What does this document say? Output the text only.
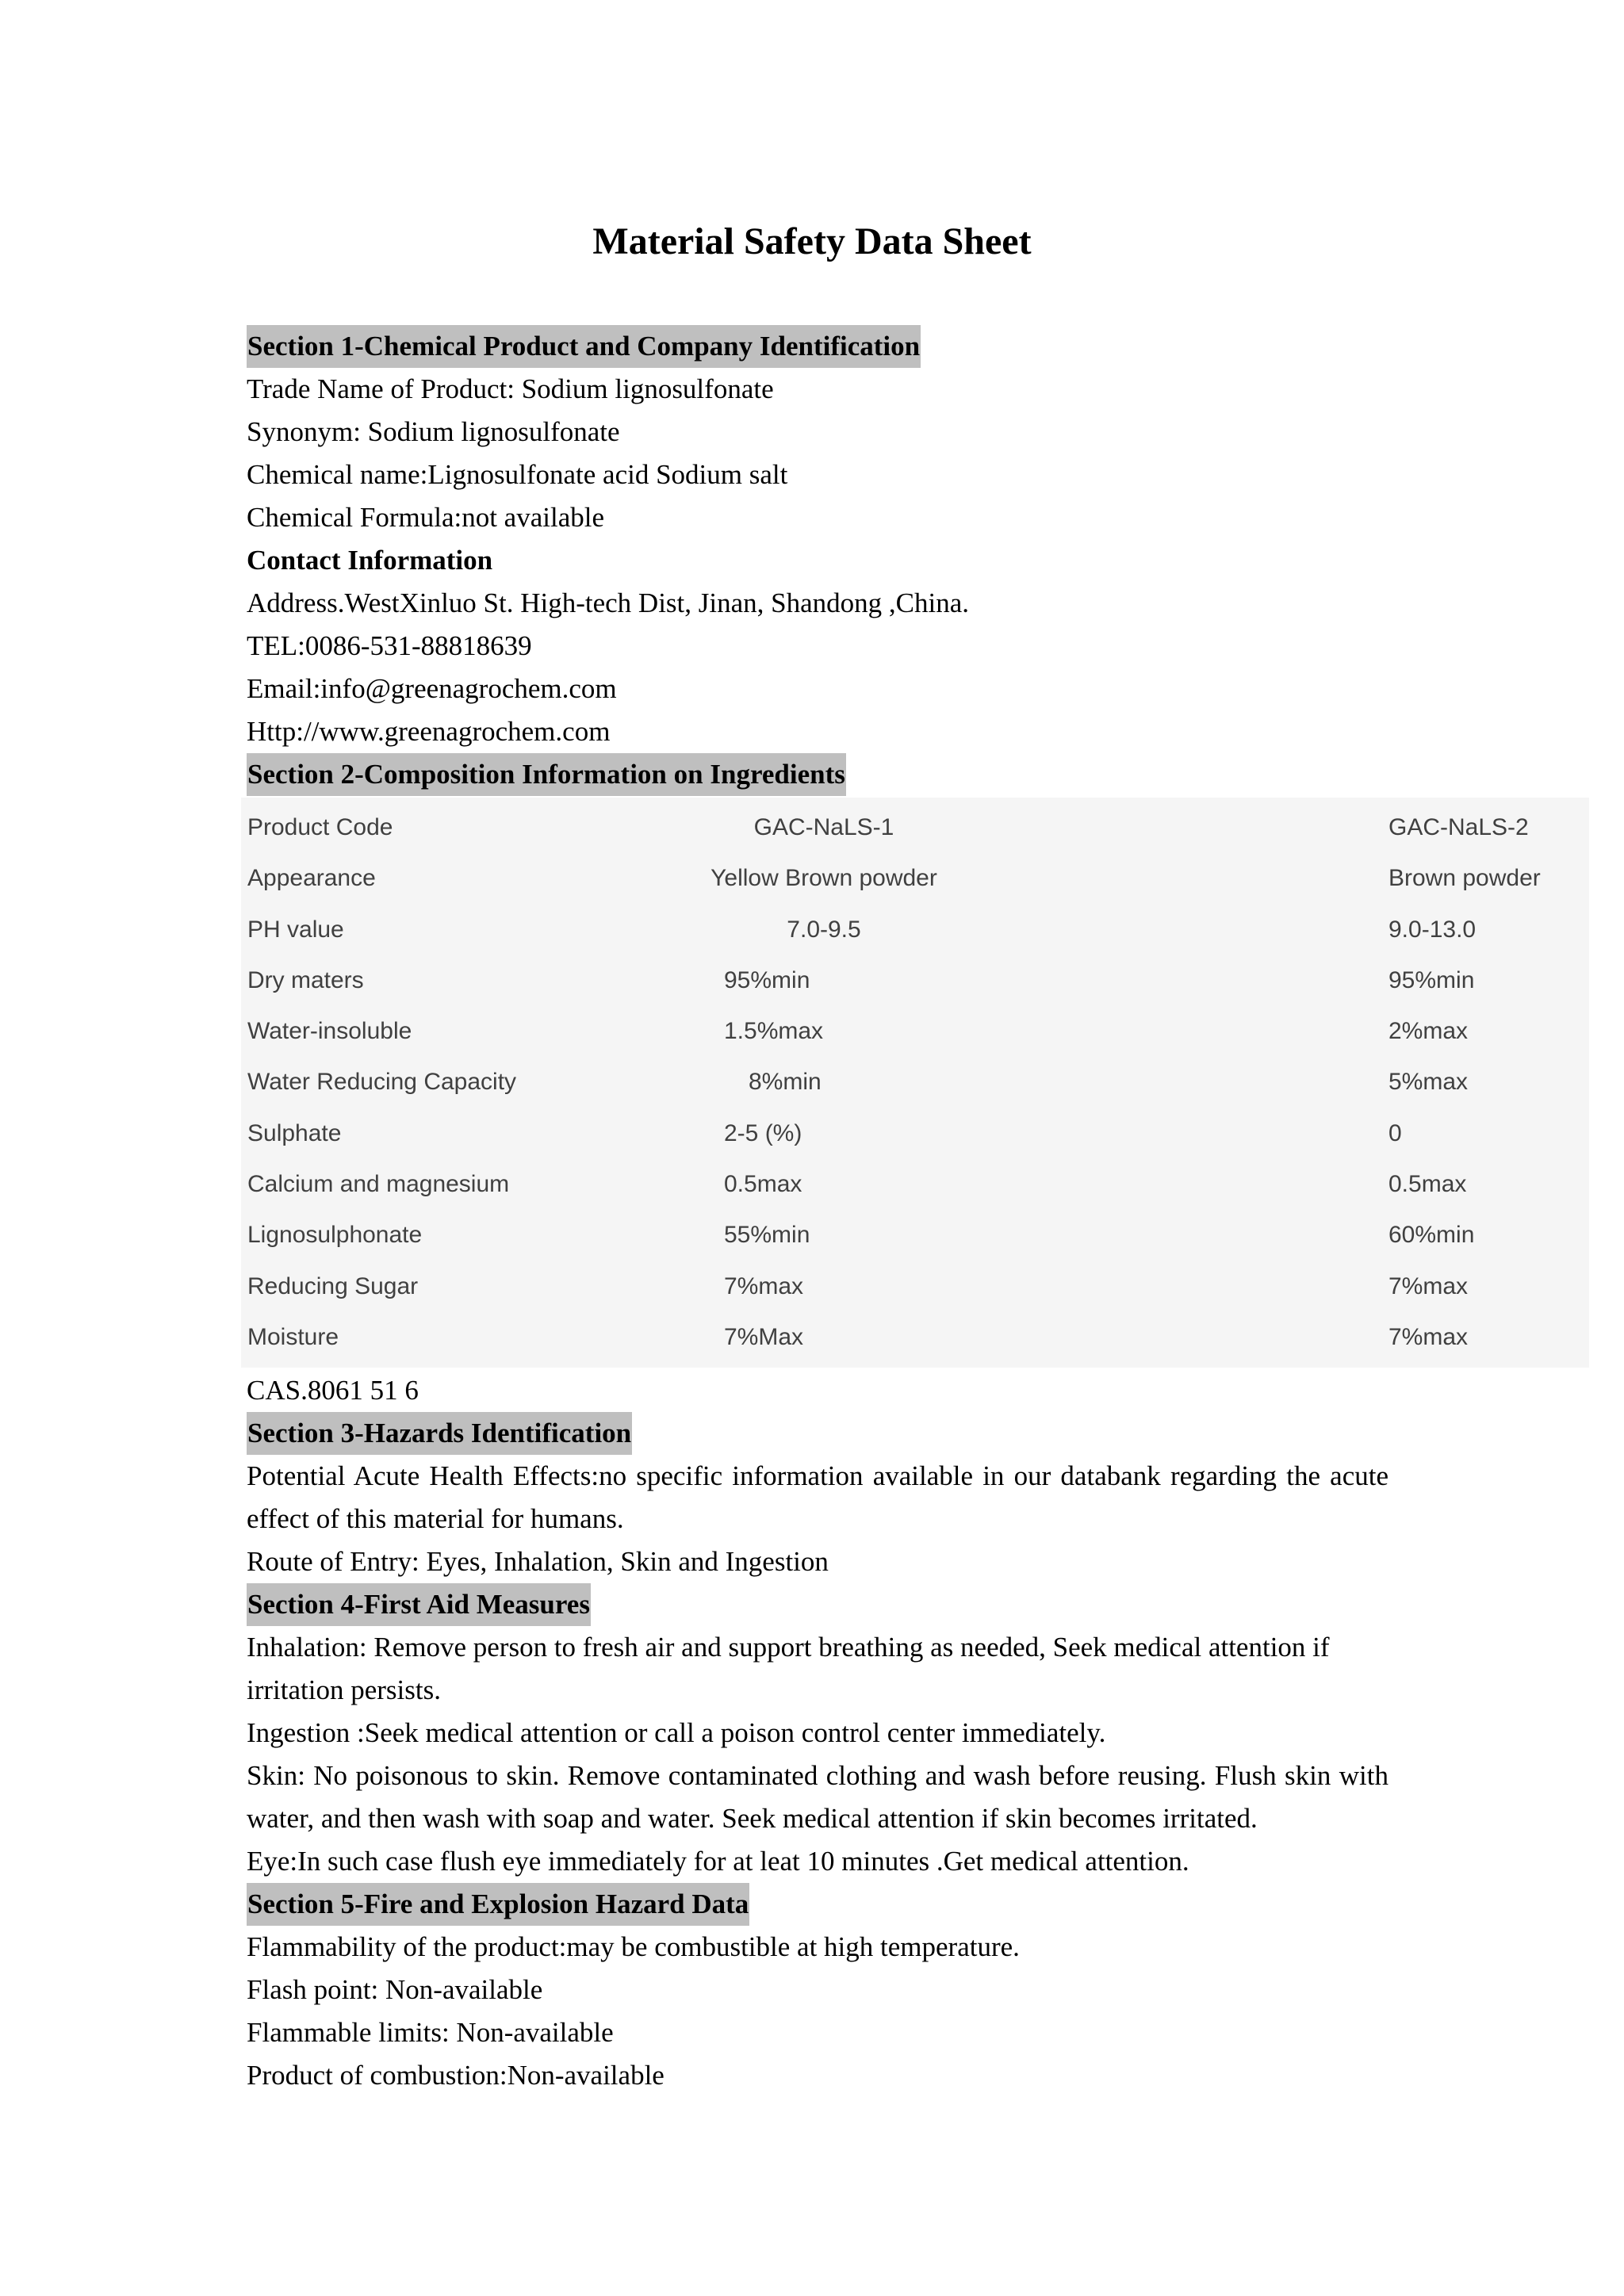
Material Safety Data Sheet
Section 1-Chemical Product and Company Identification
Trade Name of Product: Sodium lignosulfonate
Synonym: Sodium lignosulfonate
Chemical name:Lignosulfonate acid Sodium salt
Chemical Formula:not available
Contact Information
Address.WestXinluo St. High-tech Dist, Jinan, Shandong ,China.
TEL:0086-531-88818639
Email:info@greenagrochem.com
Http://www.greenagrochem.com
Section 2-Composition Information on Ingredients
Product Code	GAC-NaLS-1	GAC-NaLS-2
Appearance	Yellow Brown powder	Brown powder
PH value	7.0-9.5	9.0-13.0
Dry maters	95%min	95%min
Water-insoluble	1.5%max	2%max
Water Reducing Capacity	8%min	5%max
Sulphate	2-5 (%)	0
Calcium and magnesium	0.5max	0.5max
Lignosulphonate	55%min	60%min
Reducing Sugar	7%max	7%max
Moisture	7%Max	7%max
CAS.8061 51 6
Section 3-Hazards Identification
Potential Acute Health Effects:no specific information available in our databank regarding the acute effect of this material for humans.
Route of Entry: Eyes, Inhalation, Skin and Ingestion
Section 4-First Aid Measures
Inhalation: Remove person to fresh air and support breathing as needed, Seek medical attention if irritation persists.
Ingestion :Seek medical attention or call a poison control center immediately.
Skin: No poisonous to skin. Remove contaminated clothing and wash before reusing. Flush skin with water, and then wash with soap and water. Seek medical attention if skin becomes irritated.
Eye:In such case flush eye immediately for at leat 10 minutes .Get medical attention.
Section 5-Fire and Explosion Hazard Data
Flammability of the product:may be combustible at high temperature.
Flash point: Non-available
Flammable limits: Non-available
Product of combustion:Non-available
